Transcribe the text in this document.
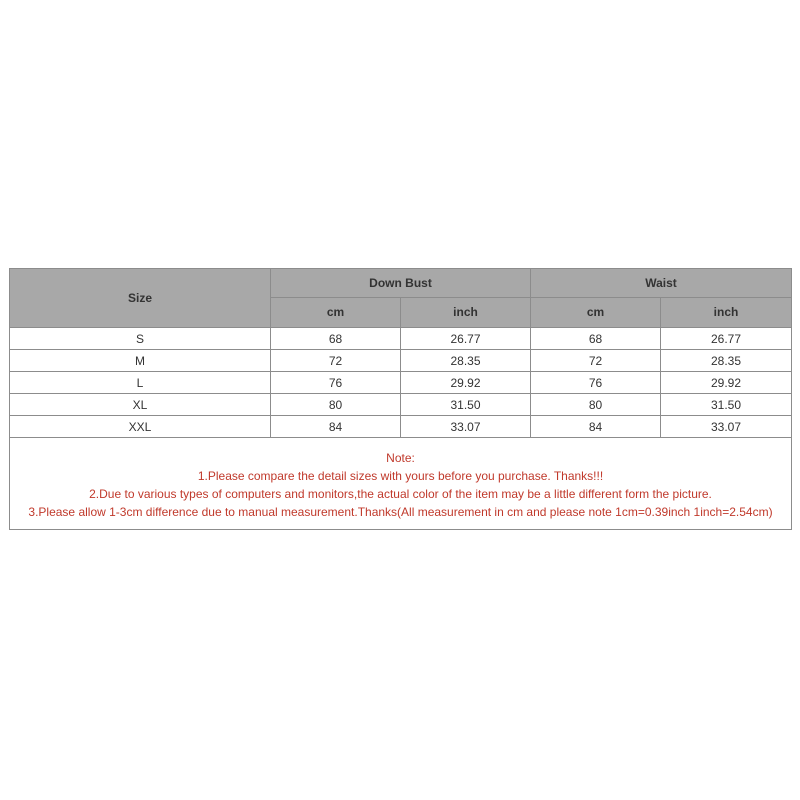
Size	Down Bust		Waist	
	cm	inch	cm	inch
S	68	26.77	68	26.77
M	72	28.35	72	28.35
L	76	29.92	76	29.92
XL	80	31.50	80	31.50
XXL	84	33.07	84	33.07

Note:
1.Please compare the detail sizes with yours before you purchase. Thanks!!!
2.Due to various types of computers and monitors,the actual color of the item may be a little different form the picture.
3.Please allow 1-3cm difference due to manual measurement.Thanks(All measurement in cm and please note 1cm=0.39inch 1inch=2.54cm)				
